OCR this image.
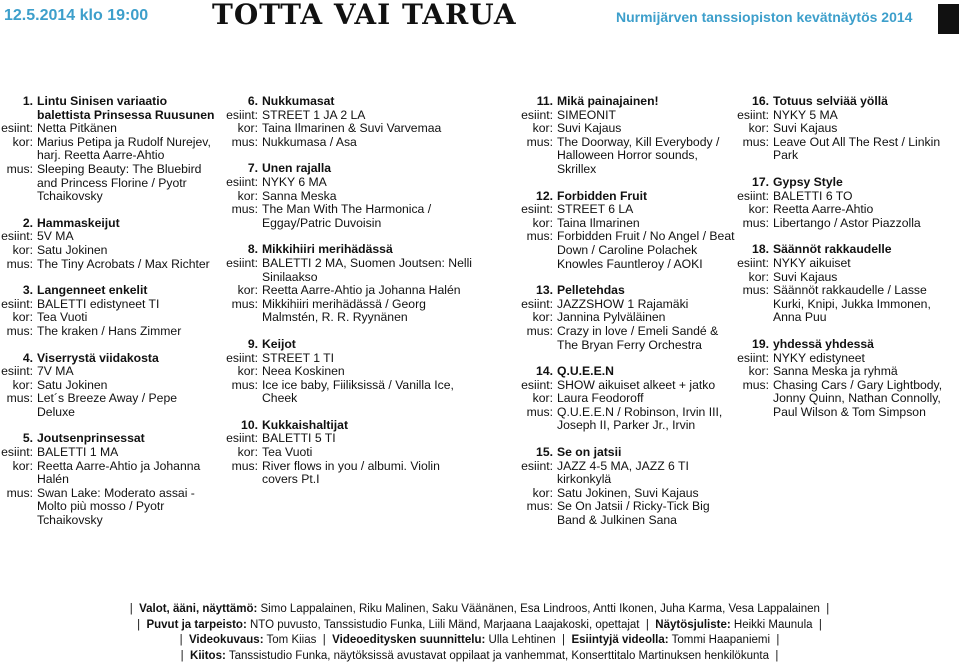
12.5.2014 klo 19:00 TOTTA VAI TARUA	Nurmijärven tanssiopiston kevätnäytös 2014
1. Lintu Sinisen variaatio balettista Prinsessa Ruusunen
esiint: Netta Pitkänen
kor: Marius Petipa ja Rudolf Nurejev, harj. Reetta Aarre-Ahtio
mus: Sleeping Beauty: The Bluebird and Princess Florine / Pyotr Tchaikovsky
2. Hammaskeijut
esiint: 5V MA
kor: Satu Jokinen
mus: The Tiny Acrobats / Max Richter
3. Langenneet enkelit
esiint: BALETTI edistyneet TI
kor: Tea Vuoti
mus: The kraken / Hans Zimmer
4. Viserrystä viidakosta
esiint: 7V MA
kor: Satu Jokinen
mus: Let´s Breeze Away / Pepe Deluxe
5. Joutsenprinsessat
esiint: BALETTI 1 MA
kor: Reetta Aarre-Ahtio ja Johanna Halén
mus: Swan Lake: Moderato assai - Molto più mosso / Pyotr Tchaikovsky
6. Nukkumasat
esiint: STREET 1 JA 2 LA
kor: Taina Ilmarinen & Suvi Varvemaa
mus: Nukkumasa / Asa
7. Unen rajalla
esiint: NYKY 6 MA
kor: Sanna Meska
mus: The Man With The Harmonica / Eggay/Patric Duvoisin
8. Mikkihiiri merihädässä
esiint: BALETTI 2 MA, Suomen Joutsen: Nelli Sinilaakso
kor: Reetta Aarre-Ahtio ja Johanna Halén
mus: Mikkihiiri merihädässä / Georg Malmstén, R. R. Ryynänen
9. Keijot
esiint: STREET 1 TI
kor: Neea Koskinen
mus: Ice ice baby, Fiiliksissä / Vanilla Ice, Cheek
10. Kukkaishaltijat
esiint: BALETTI 5 TI
kor: Tea Vuoti
mus: River flows in you / albumi. Violin covers Pt.I
11. Mikä painajainen!
esiint: SIMEONIT
kor: Suvi Kajaus
mus: The Doorway, Kill Everybody / Halloween Horror sounds, Skrillex
12. Forbidden Fruit
esiint: STREET 6 LA
kor: Taina Ilmarinen
mus: Forbidden Fruit / No Angel / Beat Down / Caroline Polachek Knowles Fauntleroy / AOKI
13. Pelletehdas
esiint: JAZZSHOW 1 Rajamäki
kor: Jannina Pylväläinen
mus: Crazy in love / Emeli Sandé & The Bryan Ferry Orchestra
14. Q.U.E.E.N
esiint: SHOW aikuiset alkeet + jatko
kor: Laura Feodoroff
mus: Q.U.E.E.N / Robinson, Irvin III, Joseph II, Parker Jr., Irvin
15. Se on jatsii
esiint: JAZZ 4-5 MA, JAZZ 6 TI kirkonkylä
kor: Satu Jokinen, Suvi Kajaus
mus: Se On Jatsii / Ricky-Tick Big Band & Julkinen Sana
16. Totuus selviää yöllä
esiint: NYKY 5 MA
kor: Suvi Kajaus
mus: Leave Out All The Rest / Linkin Park
17. Gypsy Style
esiint: BALETTI 6 TO
kor: Reetta Aarre-Ahtio
mus: Libertango / Astor Piazzolla
18. Säännöt rakkaudelle
esiint: NYKY aikuiset
kor: Suvi Kajaus
mus: Säännöt rakkaudelle / Lasse Kurki, Knipi, Jukka Immonen, Anna Puu
19. yhdessä yhdessä
esiint: NYKY edistyneet
kor: Sanna Meska ja ryhmä
mus: Chasing Cars / Gary Lightbody, Jonny Quinn, Nathan Connolly, Paul Wilson & Tom Simpson
|  Valot, ääni, näyttämö: Simo Lappalainen, Riku Malinen, Saku Väänänen, Esa Lindroos, Antti Ikonen, Juha Karma, Vesa Lappalainen  |
|  Puvut ja tarpeisto: NTO puvusto, Tanssistudio Funka, Liili Mänd, Marjaana Laajakoski, opettajat  |  Näytösjuliste: Heikki Maunula  |
|  Videokuvaus: Tom Kiias  |  Videoeditysken suunnittelu: Ulla Lehtinen  |  Esiintyjä videolla: Tommi Haapaniemi  |
|  Kiitos: Tanssistudio Funka, näytöksissä avustavat oppilaat ja vanhemmat, Konserttitalo Martinuksen henkilökunta  |
